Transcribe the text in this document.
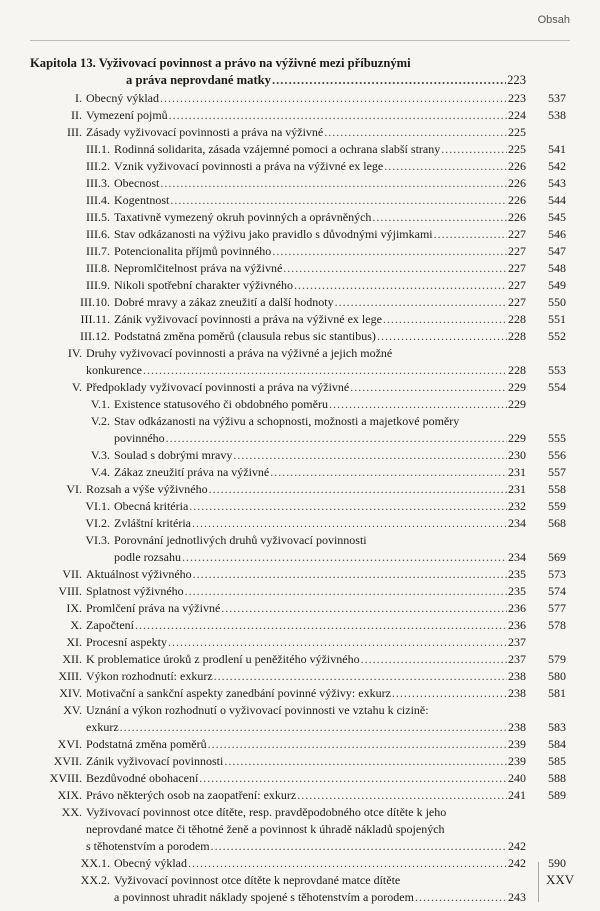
Obsah
Kapitola 13. Vyživovací povinnost a právo na výživné mezi příbuznými
a práva neprovdané matky .....	223
I. Obecný výklad .....	223	537
II. Vymezení pojmů .....	224	538
III. Zásady vyživovací povinnosti a práva na výživné .....	225
III.1. Rodinná solidarita, zásada vzájemné pomoci a ochrana slabší strany .....	225	541
III.2. Vznik vyživovací povinnosti a práva na výživné ex lege .....	226	542
III.3. Obecnost .....	226	543
III.4. Kogentnost .....	226	544
III.5. Taxativně vymezený okruh povinných a oprávněných .....	226	545
III.6. Stav odkázanosti na výživu jako pravidlo s důvodnými výjimkami .....	227	546
III.7. Potencionalita příjmů povinného .....	227	547
III.8. Nepromlčitelnost práva na výživné .....	227	548
III.9. Nikoli spotřební charakter výživného .....	227	549
III.10. Dobré mravy a zákaz zneužití a další hodnoty .....	227	550
III.11. Zánik vyživovací povinnosti a práva na výživné ex lege .....	228	551
III.12. Podstatná změna poměrů (clausula rebus sic stantibus) .....	228	552
IV. Druhy vyživovací povinnosti a práva na výživné a jejich možné
konkurence .....	228	553
V. Předpoklady vyživovací povinnosti a práva na výživné .....	229	554
V.1. Existence statusového či obdobného poměru .....	229
V.2. Stav odkázanosti na výživu a schopnosti, možnosti a majetkové poměry
povinného .....	229	555
V.3. Soulad s dobrými mravy .....	230	556
V.4. Zákaz zneužití práva na výživné .....	231	557
VI. Rozsah a výše výživného .....	231	558
VI.1. Obecná kritéria .....	232	559
VI.2. Zvláštní kritéria .....	234	568
VI.3. Porovnání jednotlivých druhů vyživovací povinnosti
podle rozsahu .....	234	569
VII. Aktuálnost výživného .....	235	573
VIII. Splatnost výživného .....	235	574
IX. Promlčení práva na výživné .....	236	577
X. Započtení .....	236	578
XI. Procesní aspekty .....	237
XII. K problematice úroků z prodlení u peněžitého výživného .....	237	579
XIII. Výkon rozhodnutí: exkurz .....	238	580
XIV. Motivační a sankční aspekty zanedbání povinné výživy: exkurz .....	238	581
XV. Uznání a výkon rozhodnutí o vyživovací povinnosti ve vztahu k cizině:
exkurz .....	238	583
XVI. Podstatná změna poměrů .....	239	584
XVII. Zánik vyživovací povinnosti .....	239	585
XVIII. Bezdůvodné obohacení .....	240	588
XIX. Právo některých osob na zaopatření: exkurz .....	241	589
XX. Vyživovací povinnost otce dítěte, resp. pravděpodobného otce dítěte k jeho
neprovdané matce či těhotné ženě a povinnost k úhradě nákladů spojených
s těhotenstvím a porodem .....	242
XX.1. Obecný výklad .....	242	590
XX.2. Vyživovací povinnost otce dítěte k neprovdané matce dítěte
a povinnost uhradit náklady spojené s těhotenstvím a porodem .....	243
XXV
